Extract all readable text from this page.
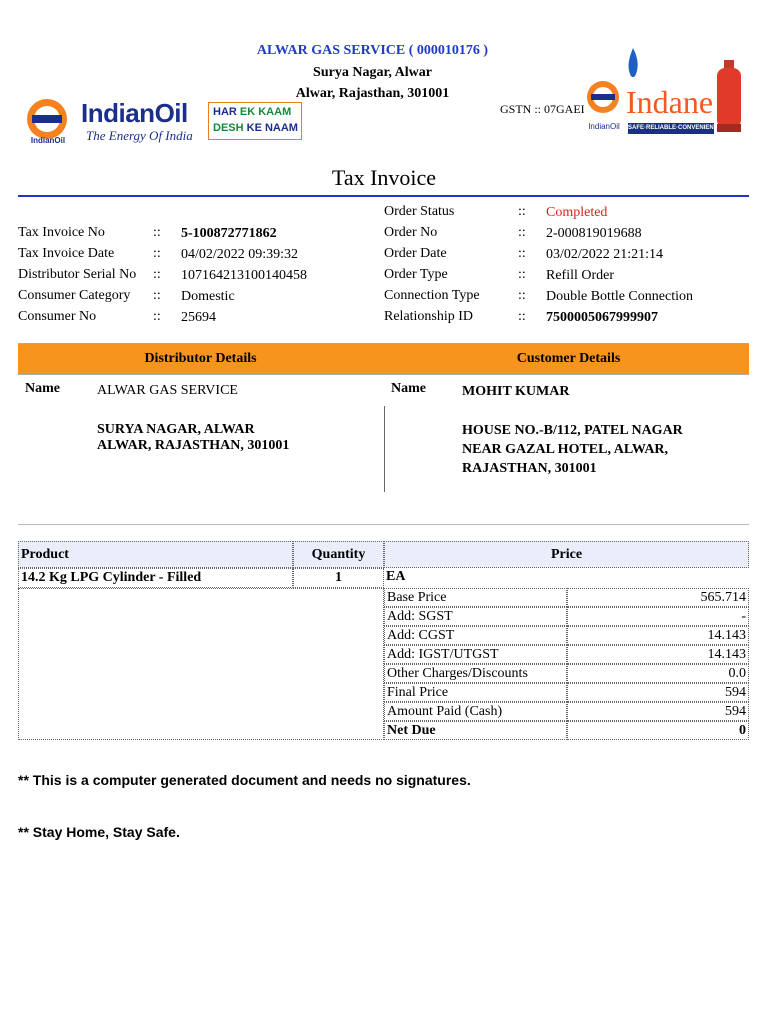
ALWAR GAS SERVICE ( 000010176 )
Surya Nagar, Alwar
Alwar, Rajasthan, 301001
GSTN :: 07GAEI
IndianOil
IndianOil
The Energy Of India
HAR EK KAAM
DESH KE NAAM	IndianOil
Indane
SAFE·RELIABLE·CONVENIENT
Tax Invoice
Tax Invoice No	:: 5-100872771862
Tax Invoice Date	:: 04/02/2022 09:39:32
Distributor Serial No :: 107164213100140458
Consumer Category :: Domestic
Consumer No	:: 25694
Order Status	:: Completed
Order No	:: 2-000819019688
Order Date	:: 03/02/2022 21:21:14
Order Type	:: Refill Order
Connection Type	:: Double Bottle Connection
Relationship ID	:: 7500005067999907
Distributor Details	Customer Details
Name	ALWAR GAS SERVICE
SURYA NAGAR, ALWAR
ALWAR, RAJASTHAN, 301001
Name	MOHIT KUMAR
HOUSE NO.-B/112, PATEL NAGAR
NEAR GAZAL HOTEL, ALWAR,
RAJASTHAN, 301001
Product	Quantity	Price
14.2 Kg LPG Cylinder - Filled	1	EA
Base Price	565.714
Add: SGST	-
Add: CGST	14.143
Add: IGST/UTGST	14.143
Other Charges/Discounts	0.0
Final Price	594
Amount Paid (Cash)	594
Net Due	0
** This is a computer generated document and needs no signatures.
** Stay Home, Stay Safe.
